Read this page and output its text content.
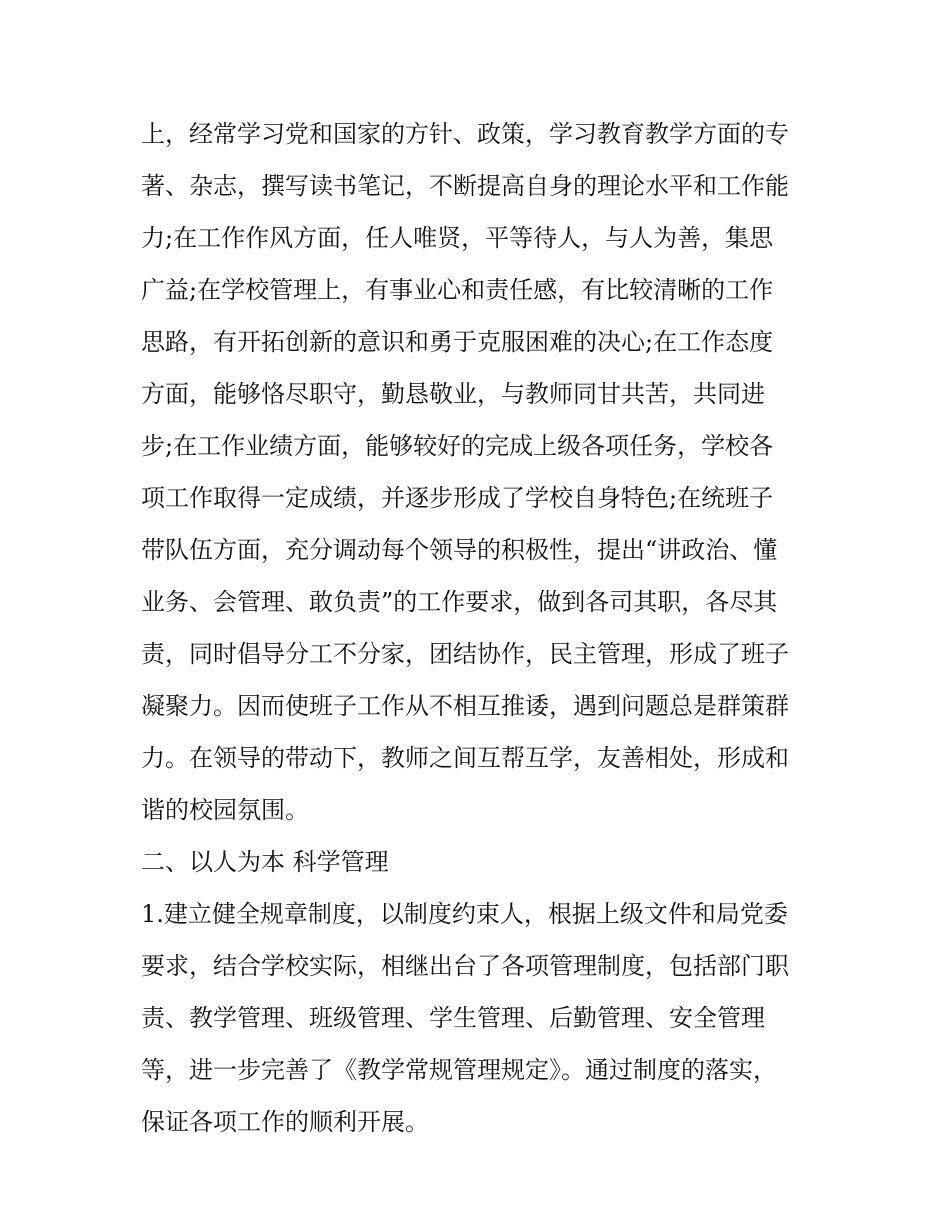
上，经常学习党和国家的方针、政策，学习教育教学方面的专
著、杂志，撰写读书笔记，不断提高自身的理论水平和工作能
力;在工作作风方面，任人唯贤，平等待人，与人为善，集思
广益;在学校管理上，有事业心和责任感，有比较清晰的工作
思路，有开拓创新的意识和勇于克服困难的决心;在工作态度
方面，能够恪尽职守，勤恳敬业，与教师同甘共苦，共同进
步;在工作业绩方面，能够较好的完成上级各项任务，学校各
项工作取得一定成绩，并逐步形成了学校自身特色;在统班子
带队伍方面，充分调动每个领导的积极性，提出“讲政治、懂
业务、会管理、敢负责”的工作要求，做到各司其职，各尽其
责，同时倡导分工不分家，团结协作，民主管理，形成了班子
凝聚力。因而使班子工作从不相互推诿，遇到问题总是群策群
力。在领导的带动下，教师之间互帮互学，友善相处，形成和
谐的校园氛围。
二、以人为本 科学管理
1.建立健全规章制度，以制度约束人，根据上级文件和局党委
要求，结合学校实际，相继出台了各项管理制度，包括部门职
责、教学管理、班级管理、学生管理、后勤管理、安全管理
等，进一步完善了《教学常规管理规定》。通过制度的落实，
保证各项工作的顺利开展。
